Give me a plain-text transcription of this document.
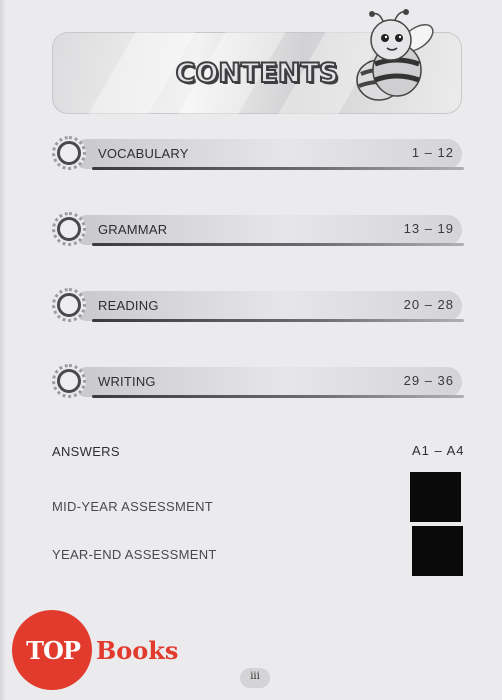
CONTENTS
VOCABULARY	1 – 12
GRAMMAR	13 – 19
READING	20 – 28
WRITING	29 – 36
ANSWERS	A1 – A4
MID-YEAR ASSESSMENT
YEAR-END ASSESSMENT
TOP Books
iii
